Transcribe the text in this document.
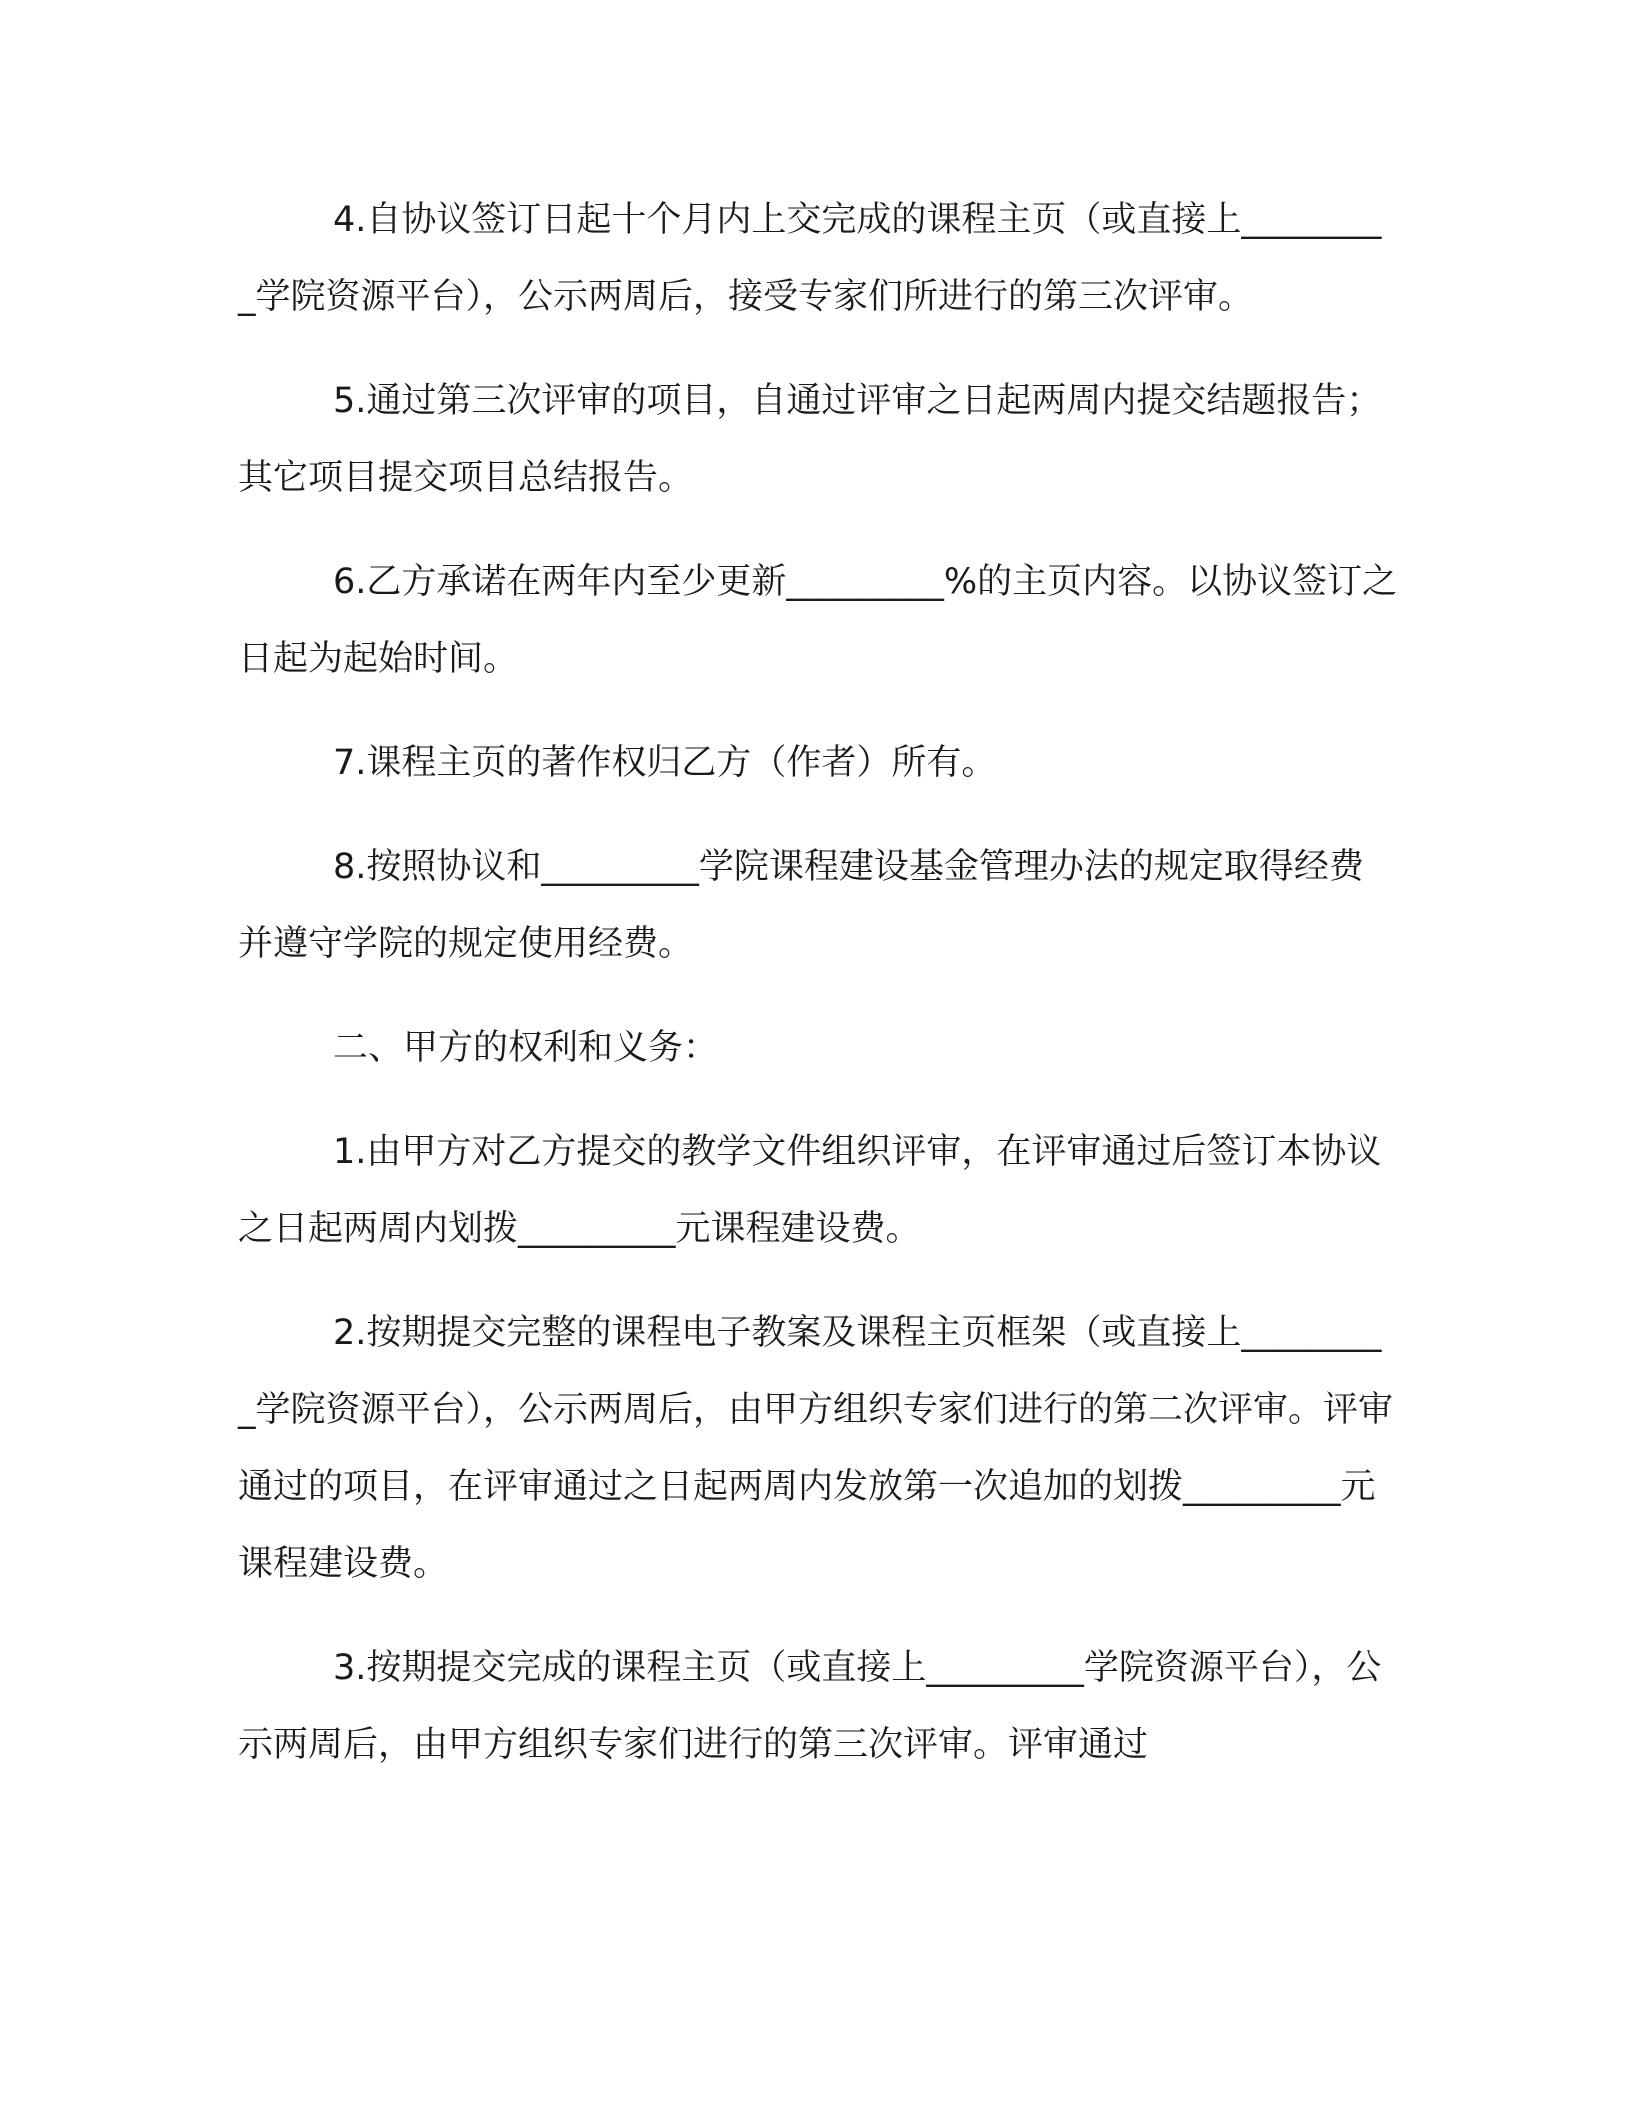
4.自协议签订日起十个月内上交完成的课程主页（或直接上_________学院资源平台），公示两周后，接受专家们所进行的第三次评审。

5.通过第三次评审的项目，自通过评审之日起两周内提交结题报告；其它项目提交项目总结报告。

6.乙方承诺在两年内至少更新_________%的主页内容。以协议签订之日起为起始时间。

7.课程主页的著作权归乙方（作者）所有。

8.按照协议和_________学院课程建设基金管理办法的规定取得经费并遵守学院的规定使用经费。

二、甲方的权利和义务：

1.由甲方对乙方提交的教学文件组织评审，在评审通过后签订本协议之日起两周内划拨_________元课程建设费。

2.按期提交完整的课程电子教案及课程主页框架（或直接上_________学院资源平台），公示两周后，由甲方组织专家们进行的第二次评审。评审通过的项目，在评审通过之日起两周内发放第一次追加的划拨_________元课程建设费。

3.按期提交完成的课程主页（或直接上_________学院资源平台），公示两周后，由甲方组织专家们进行的第三次评审。评审通过
